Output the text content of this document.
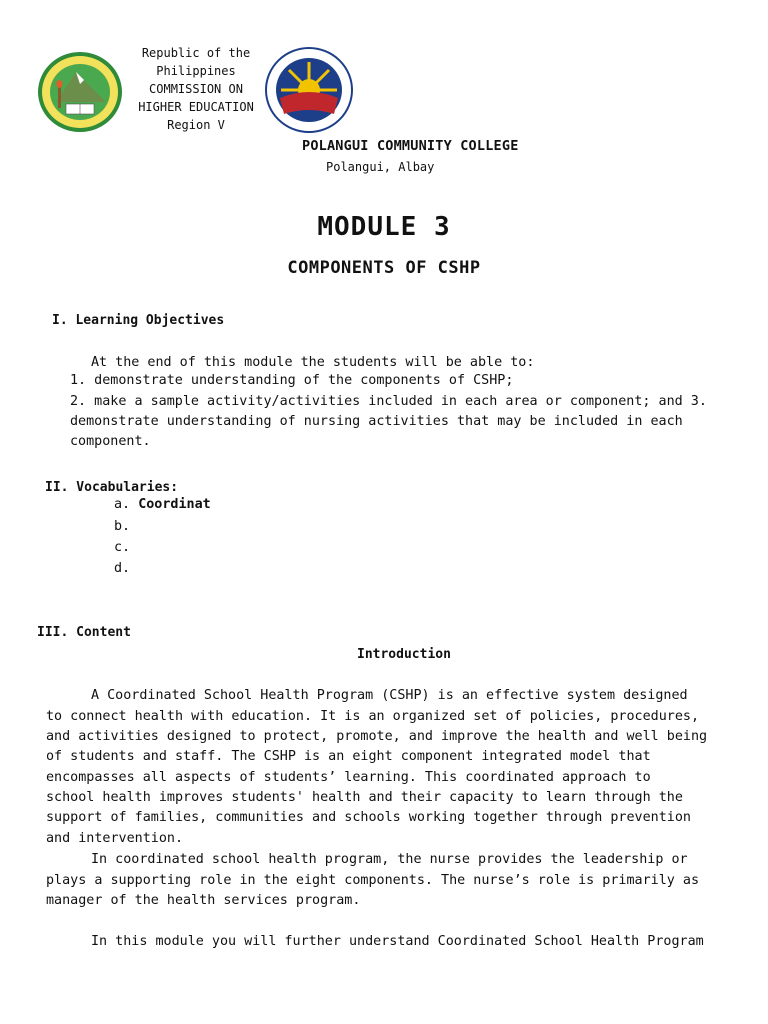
Republic of the
Philippines
COMMISSION ON
HIGHER EDUCATION
Region V
POLANGUI COMMUNITY COLLEGE
Polangui, Albay
MODULE 3
COMPONENTS OF CSHP
I. Learning Objectives
At the end of this module the students will be able to:
1. demonstrate understanding of the components of CSHP;
2. make a sample activity/activities included in each area or component; and 3.
demonstrate understanding of nursing activities that may be included in each
component.
II. Vocabularies:
a. Coordinat
b.
c.
d.
III. Content
Introduction
A Coordinated School Health Program (CSHP) is an effective system designed
to connect health with education. It is an organized set of policies, procedures,
and activities designed to protect, promote, and improve the health and well being
of students and staff. The CSHP is an eight component integrated model that
encompasses all aspects of students’ learning. This coordinated approach to
school health improves students' health and their capacity to learn through the
support of families, communities and schools working together through prevention
and intervention.
In coordinated school health program, the nurse provides the leadership or
plays a supporting role in the eight components. The nurse’s role is primarily as
manager of the health services program.
In this module you will further understand Coordinated School Health Program
